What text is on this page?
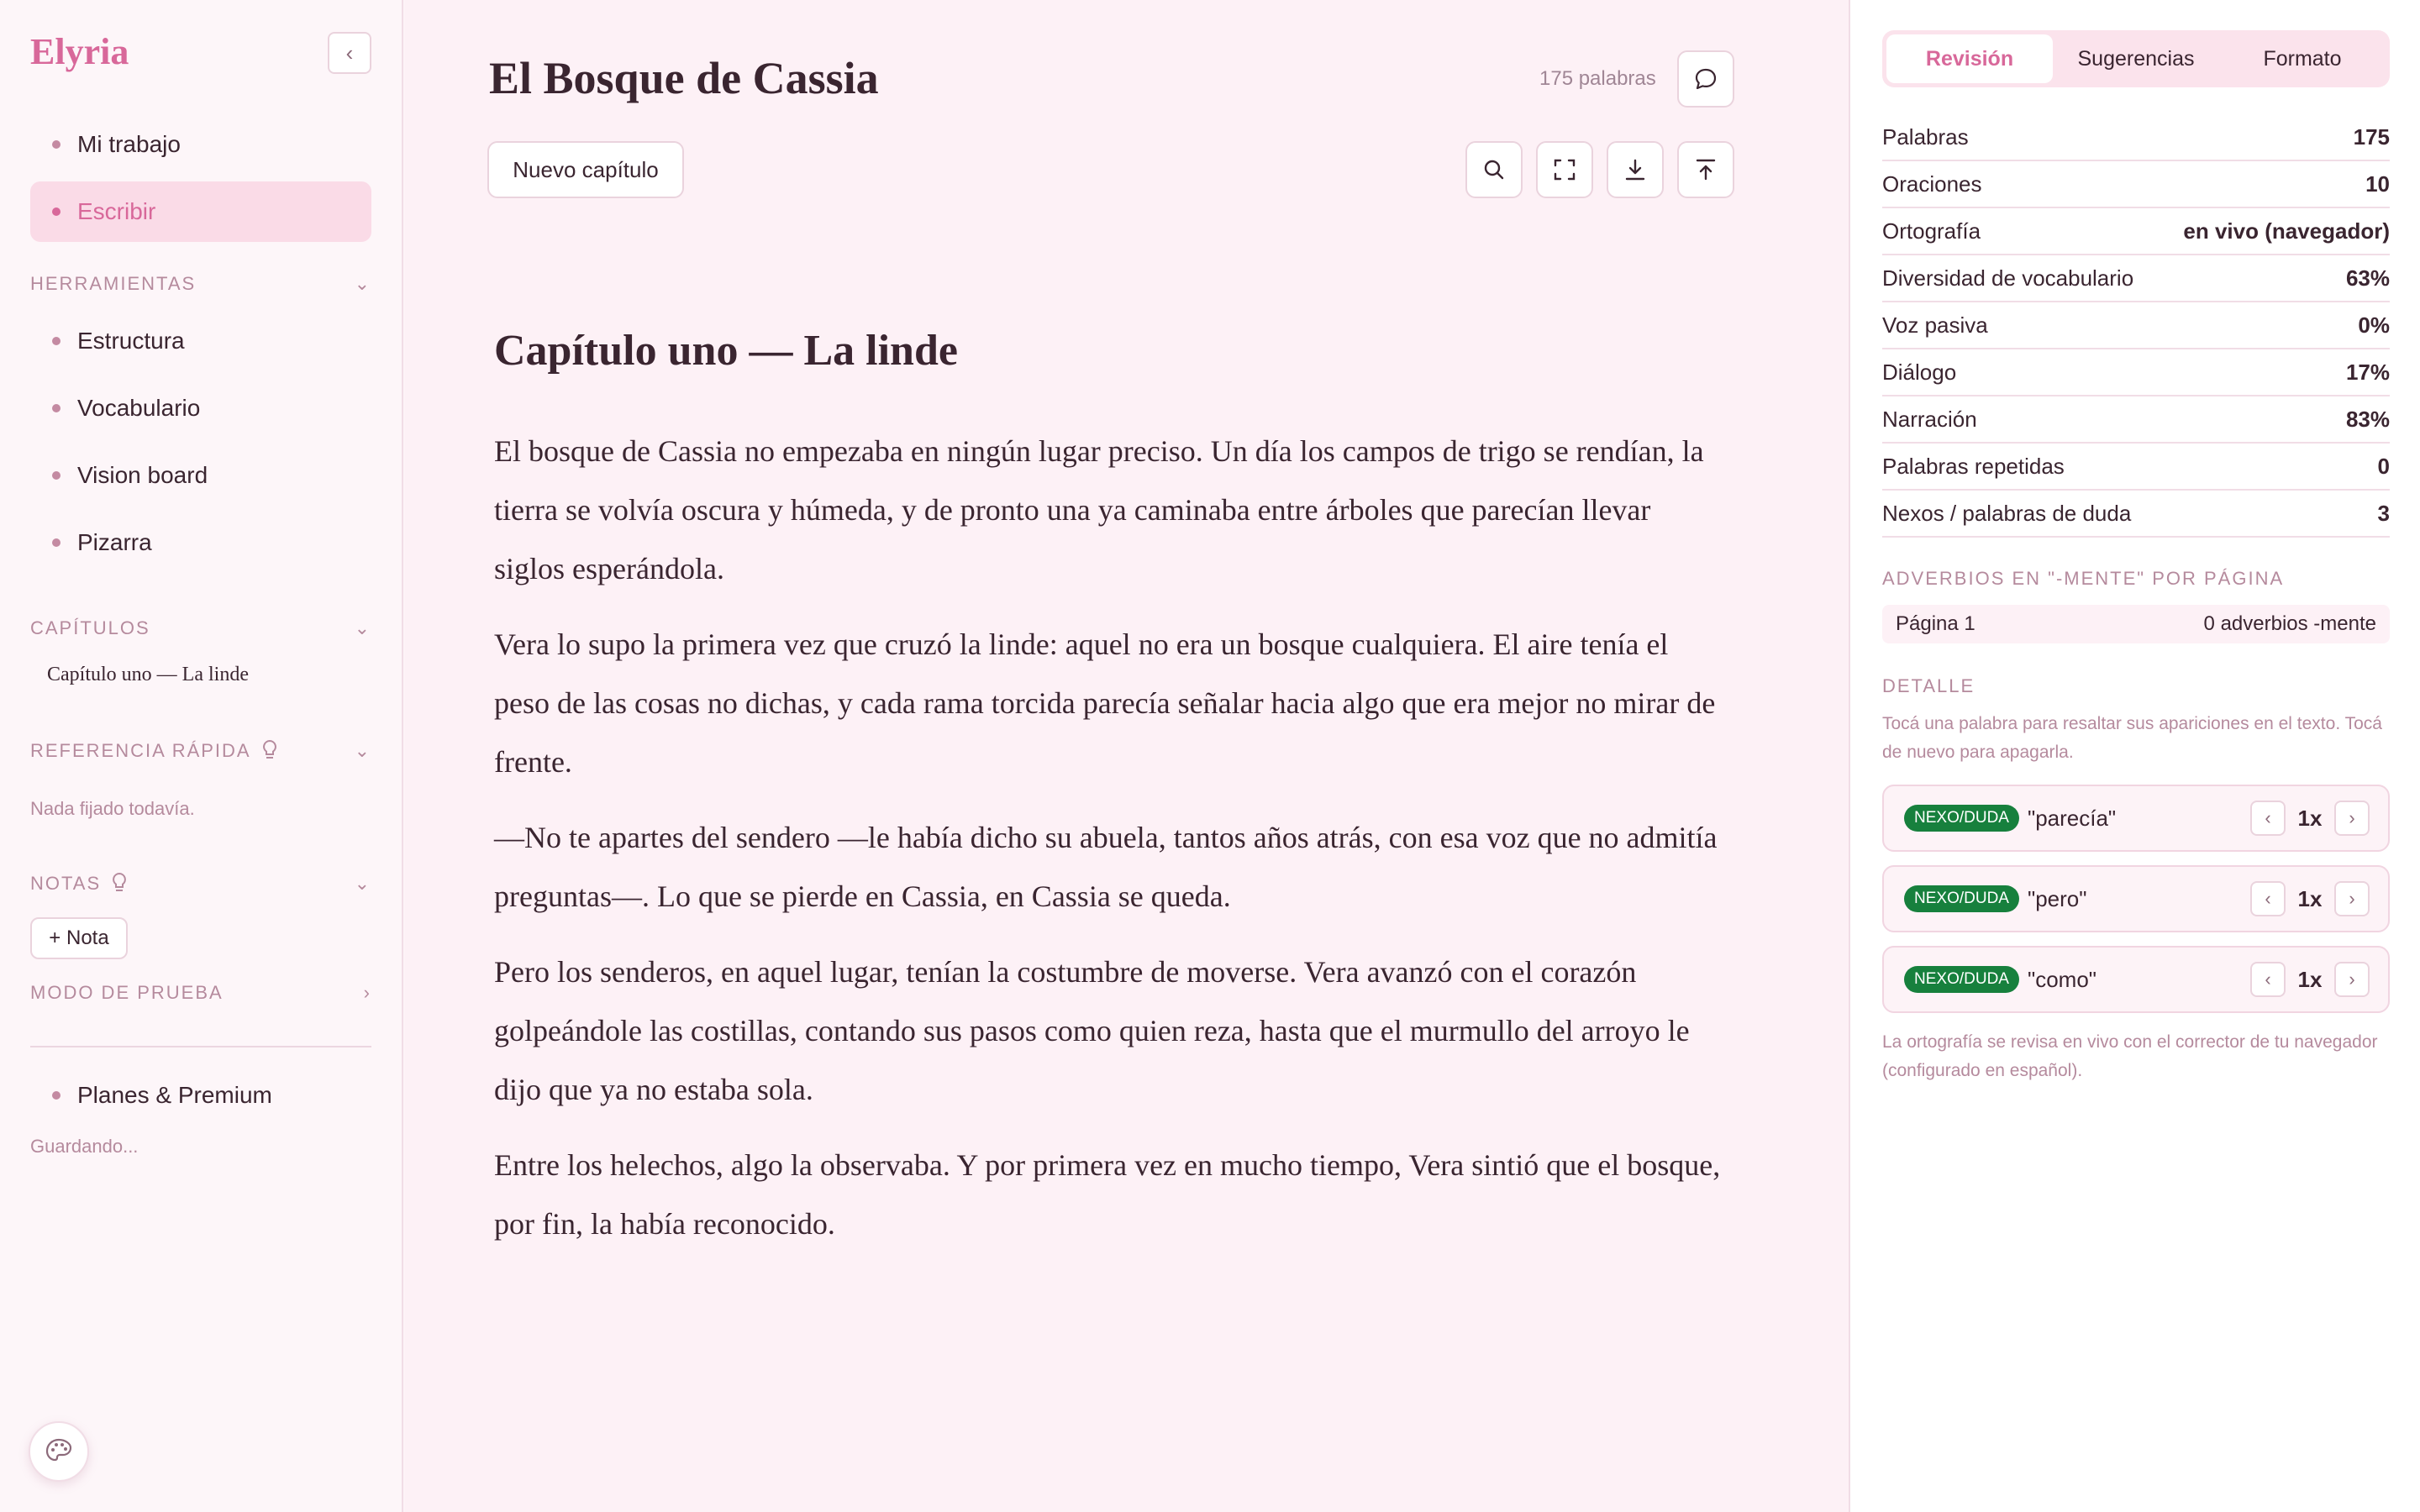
Elyria	‹
Mi trabajo
Escribir
HERRAMIENTAS	⌄
Estructura
Vocabulario
Vision board
Pizarra
CAPÍTULOS	⌄
Capítulo uno — La linde
REFERENCIA RÁPIDA	⌄
Nada fijado todavía.
NOTAS	⌄
+ Nota
MODO DE PRUEBA	›
Planes & Premium
Guardando...
El Bosque de Cassia	175 palabras
Nuevo capítulo
Capítulo uno — La linde

El bosque de Cassia no empezaba en ningún lugar preciso. Un día los campos de trigo se rendían, la tierra se volvía oscura y húmeda, y de pronto una ya caminaba entre árboles que parecían llevar siglos esperándola.

Vera lo supo la primera vez que cruzó la linde: aquel no era un bosque cualquiera. El aire tenía el peso de las cosas no dichas, y cada rama torcida parecía señalar hacia algo que era mejor no mirar de frente.

—No te apartes del sendero —le había dicho su abuela, tantos años atrás, con esa voz que no admitía preguntas—. Lo que se pierde en Cassia, en Cassia se queda.

Pero los senderos, en aquel lugar, tenían la costumbre de moverse. Vera avanzó con el corazón golpeándole las costillas, contando sus pasos como quien reza, hasta que el murmullo del arroyo le dijo que ya no estaba sola.

Entre los helechos, algo la observaba. Y por primera vez en mucho tiempo, Vera sintió que el bosque, por fin, la había reconocido.

Revisión	Sugerencias	Formato
Palabras	175
Oraciones	10
Ortografía	en vivo (navegador)
Diversidad de vocabulario	63%
Voz pasiva	0%
Diálogo	17%
Narración	83%
Palabras repetidas	0
Nexos / palabras de duda	3
ADVERBIOS EN "-MENTE" POR PÁGINA
Página 1	0 adverbios -mente
DETALLE
Tocá una palabra para resaltar sus apariciones en el texto. Tocá de nuevo para apagarla.
NEXO/DUDA "parecía"	‹	1x	›
NEXO/DUDA "pero"	‹	1x	›
NEXO/DUDA "como"	‹	1x	›
La ortografía se revisa en vivo con el corrector de tu navegador (configurado en español).
